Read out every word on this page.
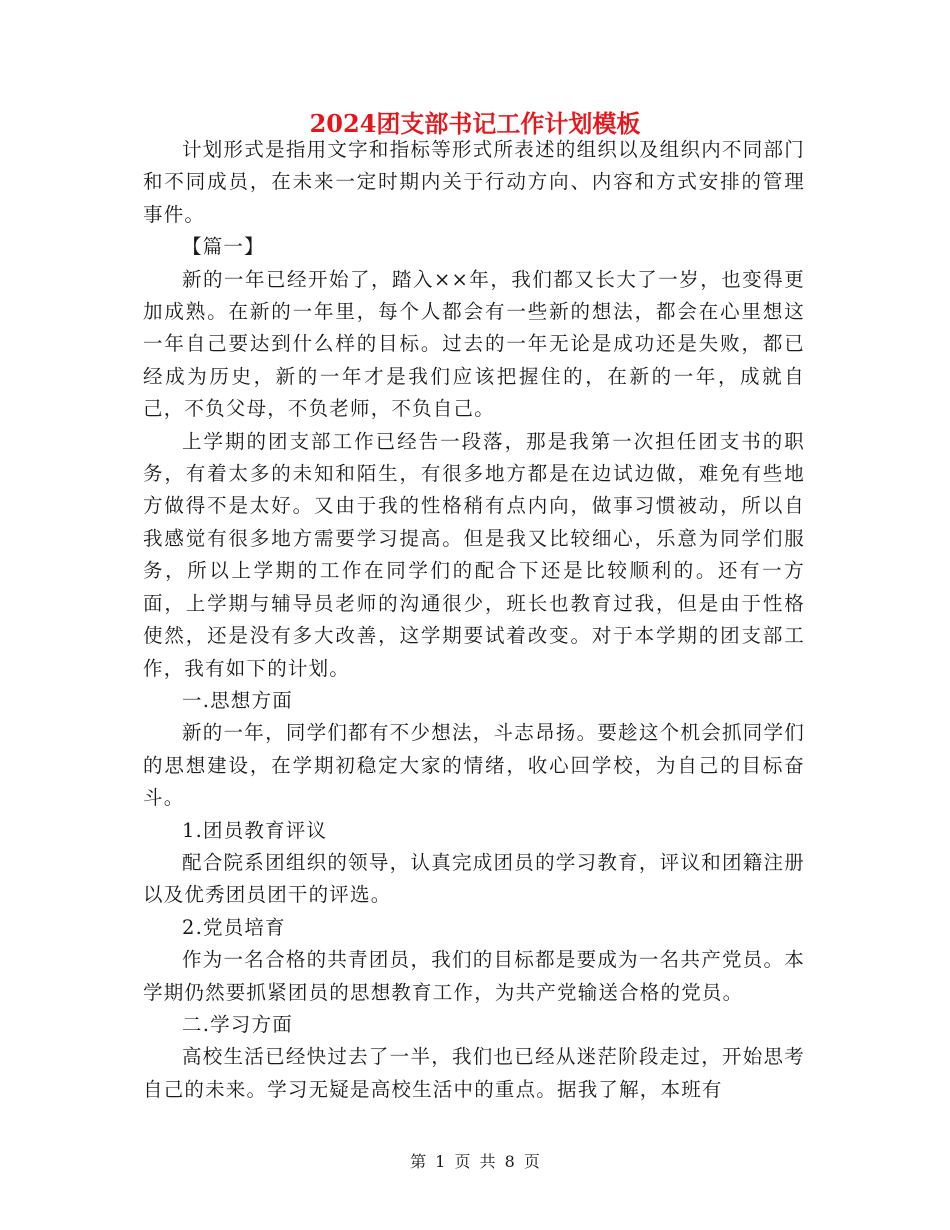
2024团支部书记工作计划模板

计划形式是指用文字和指标等形式所表述的组织以及组织内不同部门和不同成员，在未来一定时期内关于行动方向、内容和方式安排的管理事件。

【篇一】

新的一年已经开始了，踏入××年，我们都又长大了一岁，也变得更加成熟。在新的一年里，每个人都会有一些新的想法，都会在心里想这一年自己要达到什么样的目标。过去的一年无论是成功还是失败，都已经成为历史，新的一年才是我们应该把握住的，在新的一年，成就自己，不负父母，不负老师，不负自己。

上学期的团支部工作已经告一段落，那是我第一次担任团支书的职务，有着太多的未知和陌生，有很多地方都是在边试边做，难免有些地方做得不是太好。又由于我的性格稍有点内向，做事习惯被动，所以自我感觉有很多地方需要学习提高。但是我又比较细心，乐意为同学们服务，所以上学期的工作在同学们的配合下还是比较顺利的。还有一方面，上学期与辅导员老师的沟通很少，班长也教育过我，但是由于性格使然，还是没有多大改善，这学期要试着改变。对于本学期的团支部工作，我有如下的计划。

一.思想方面

新的一年，同学们都有不少想法，斗志昂扬。要趁这个机会抓同学们的思想建设，在学期初稳定大家的情绪，收心回学校，为自己的目标奋斗。

1.团员教育评议

配合院系团组织的领导，认真完成团员的学习教育，评议和团籍注册以及优秀团员团干的评选。

2.党员培育

作为一名合格的共青团员，我们的目标都是要成为一名共产党员。本学期仍然要抓紧团员的思想教育工作，为共产党输送合格的党员。

二.学习方面

高校生活已经快过去了一半，我们也已经从迷茫阶段走过，开始思考自己的未来。学习无疑是高校生活中的重点。据我了解，本班有

第 1 页 共 8 页
